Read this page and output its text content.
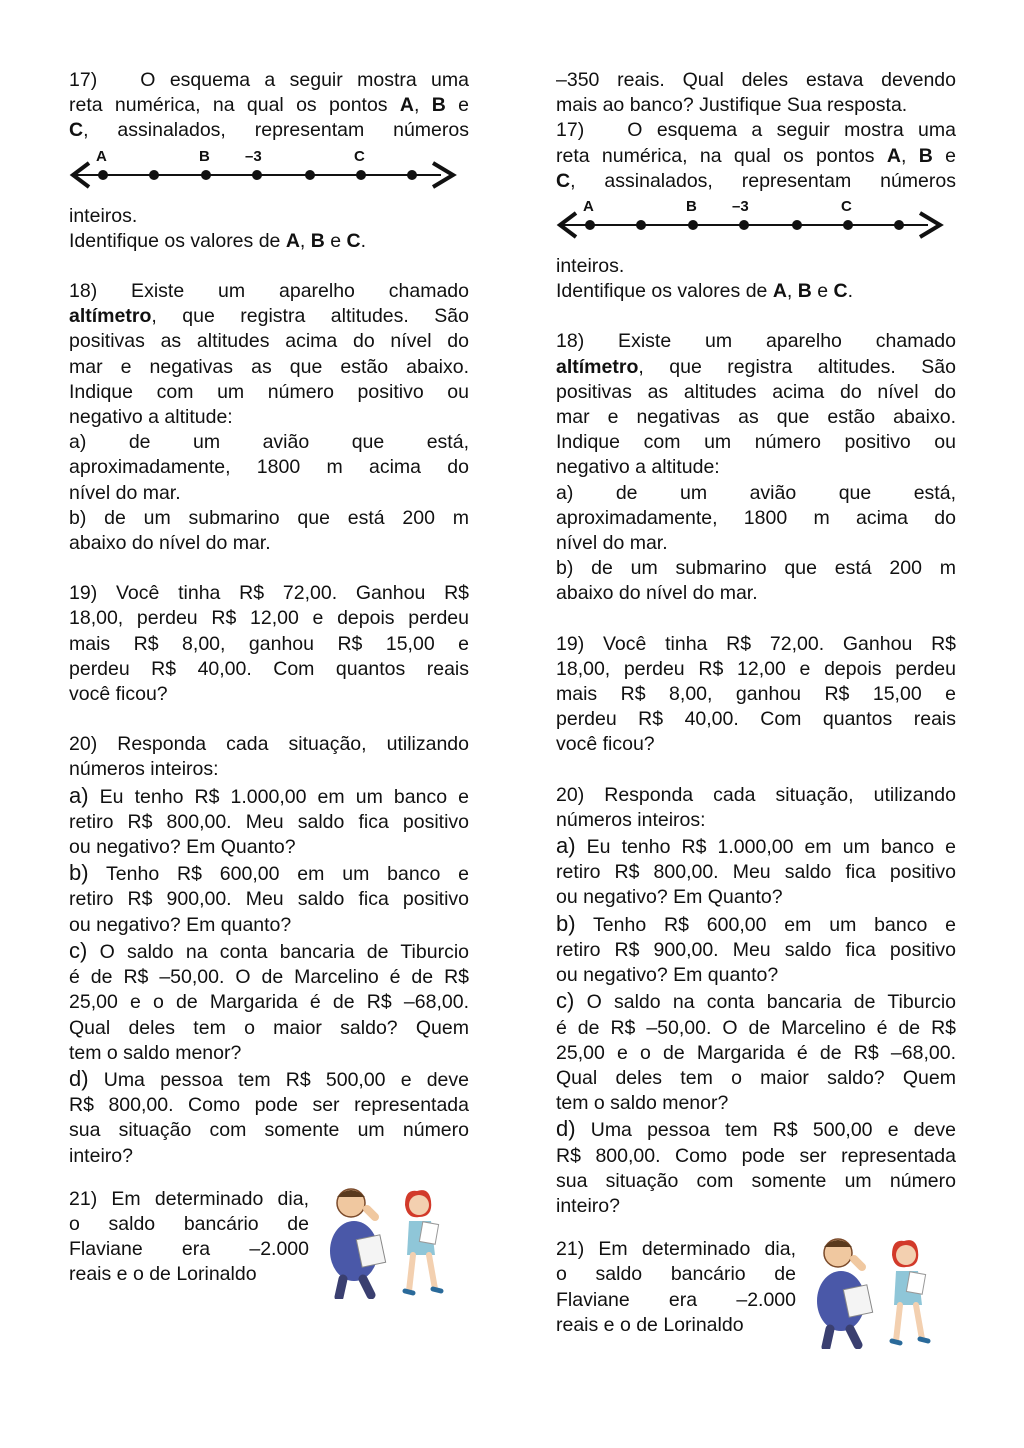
17) O esquema a seguir mostra uma

reta numérica, na qual os pontos A, B e

C, assinalados, representam números

A	B –3	C

inteiros.

Identifique os valores de A, B e C.

18) Existe um aparelho chamado

altímetro, que registra altitudes. São

positivas as altitudes acima do nível do

mar e negativas as que estão abaixo.

Indique com um número positivo ou

negativo a altitude:

a) de um avião que está,

aproximadamente, 1800 m acima do

nível do mar.

b) de um submarino que está 200 m

abaixo do nível do mar.

19) Você tinha R$ 72,00. Ganhou R$

18,00, perdeu R$ 12,00 e depois perdeu

mais R$ 8,00, ganhou R$ 15,00 e

perdeu R$ 40,00. Com quantos reais

você ficou?

20) Responda cada situação, utilizando

números inteiros:

a) Eu tenho R$ 1.000,00 em um banco e

retiro R$ 800,00. Meu saldo fica positivo

ou negativo? Em Quanto?

b) Tenho R$ 600,00 em um banco e

retiro R$ 900,00. Meu saldo fica positivo

ou negativo? Em quanto?

c) O saldo na conta bancaria de Tiburcio

é de R$ –50,00. O de Marcelino é de R$

25,00 e o de Margarida é de R$ –68,00.

Qual deles tem o maior saldo? Quem

tem o saldo menor?

d) Uma pessoa tem R$ 500,00 e deve

R$ 800,00. Como pode ser representada

sua situação com somente um número

inteiro?

21) Em determinado dia,

o saldo bancário de

Flaviane era –2.000

reais e o de Lorinaldo

–350 reais. Qual deles estava devendo

mais ao banco? Justifique Sua resposta.

17) O esquema a seguir mostra uma

reta numérica, na qual os pontos A, B e

C, assinalados, representam números

A	B –3	C

inteiros.

Identifique os valores de A, B e C.

18) Existe um aparelho chamado

altímetro, que registra altitudes. São

positivas as altitudes acima do nível do

mar e negativas as que estão abaixo.

Indique com um número positivo ou

negativo a altitude:

a) de um avião que está,

aproximadamente, 1800 m acima do

nível do mar.

b) de um submarino que está 200 m

abaixo do nível do mar.

19) Você tinha R$ 72,00. Ganhou R$

18,00, perdeu R$ 12,00 e depois perdeu

mais R$ 8,00, ganhou R$ 15,00 e

perdeu R$ 40,00. Com quantos reais

você ficou?

20) Responda cada situação, utilizando

números inteiros:

a) Eu tenho R$ 1.000,00 em um banco e

retiro R$ 800,00. Meu saldo fica positivo

ou negativo? Em Quanto?

b) Tenho R$ 600,00 em um banco e

retiro R$ 900,00. Meu saldo fica positivo

ou negativo? Em quanto?

c) O saldo na conta bancaria de Tiburcio

é de R$ –50,00. O de Marcelino é de R$

25,00 e o de Margarida é de R$ –68,00.

Qual deles tem o maior saldo? Quem

tem o saldo menor?

d) Uma pessoa tem R$ 500,00 e deve

R$ 800,00. Como pode ser representada

sua situação com somente um número

inteiro?

21) Em determinado dia,

o saldo bancário de

Flaviane era –2.000

reais e o de Lorinaldo
